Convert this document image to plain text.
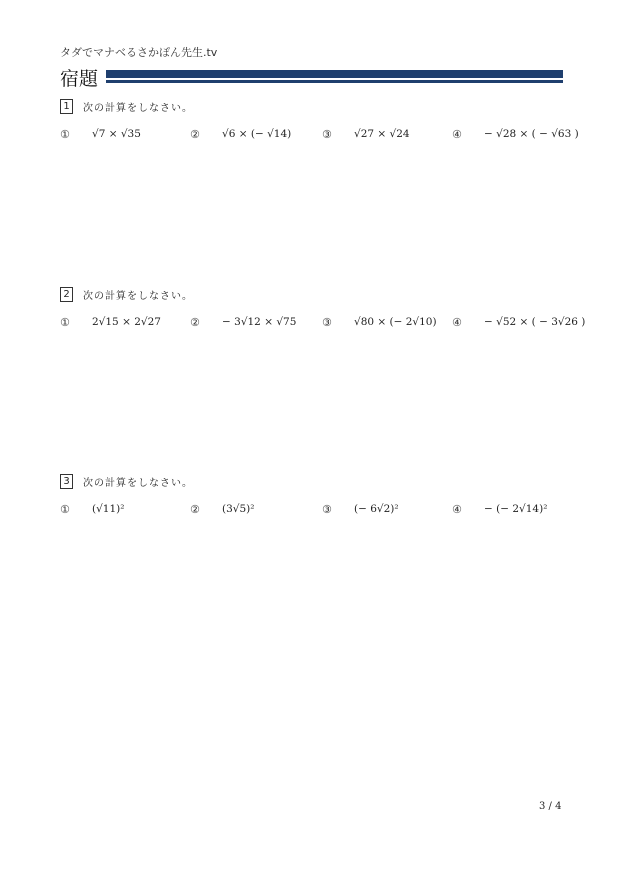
タダでマナベるさかぽん先生.tv
宿題
1	次の計算をしなさい。
①	√7 × √35	②	√6 × (− √14)	③	√27 × √24	④	− √28 × ( − √63 )
2	次の計算をしなさい。
①	2√15 × 2√27	②	− 3√12 × √75 ③	√80 × (− 2√10) ④	− √52 × ( − 3√26 )
3	次の計算をしなさい。
①	(√11)²	②	(3√5)²	③	(− 6√2)²	④	− (− 2√14)²
3 / 4
